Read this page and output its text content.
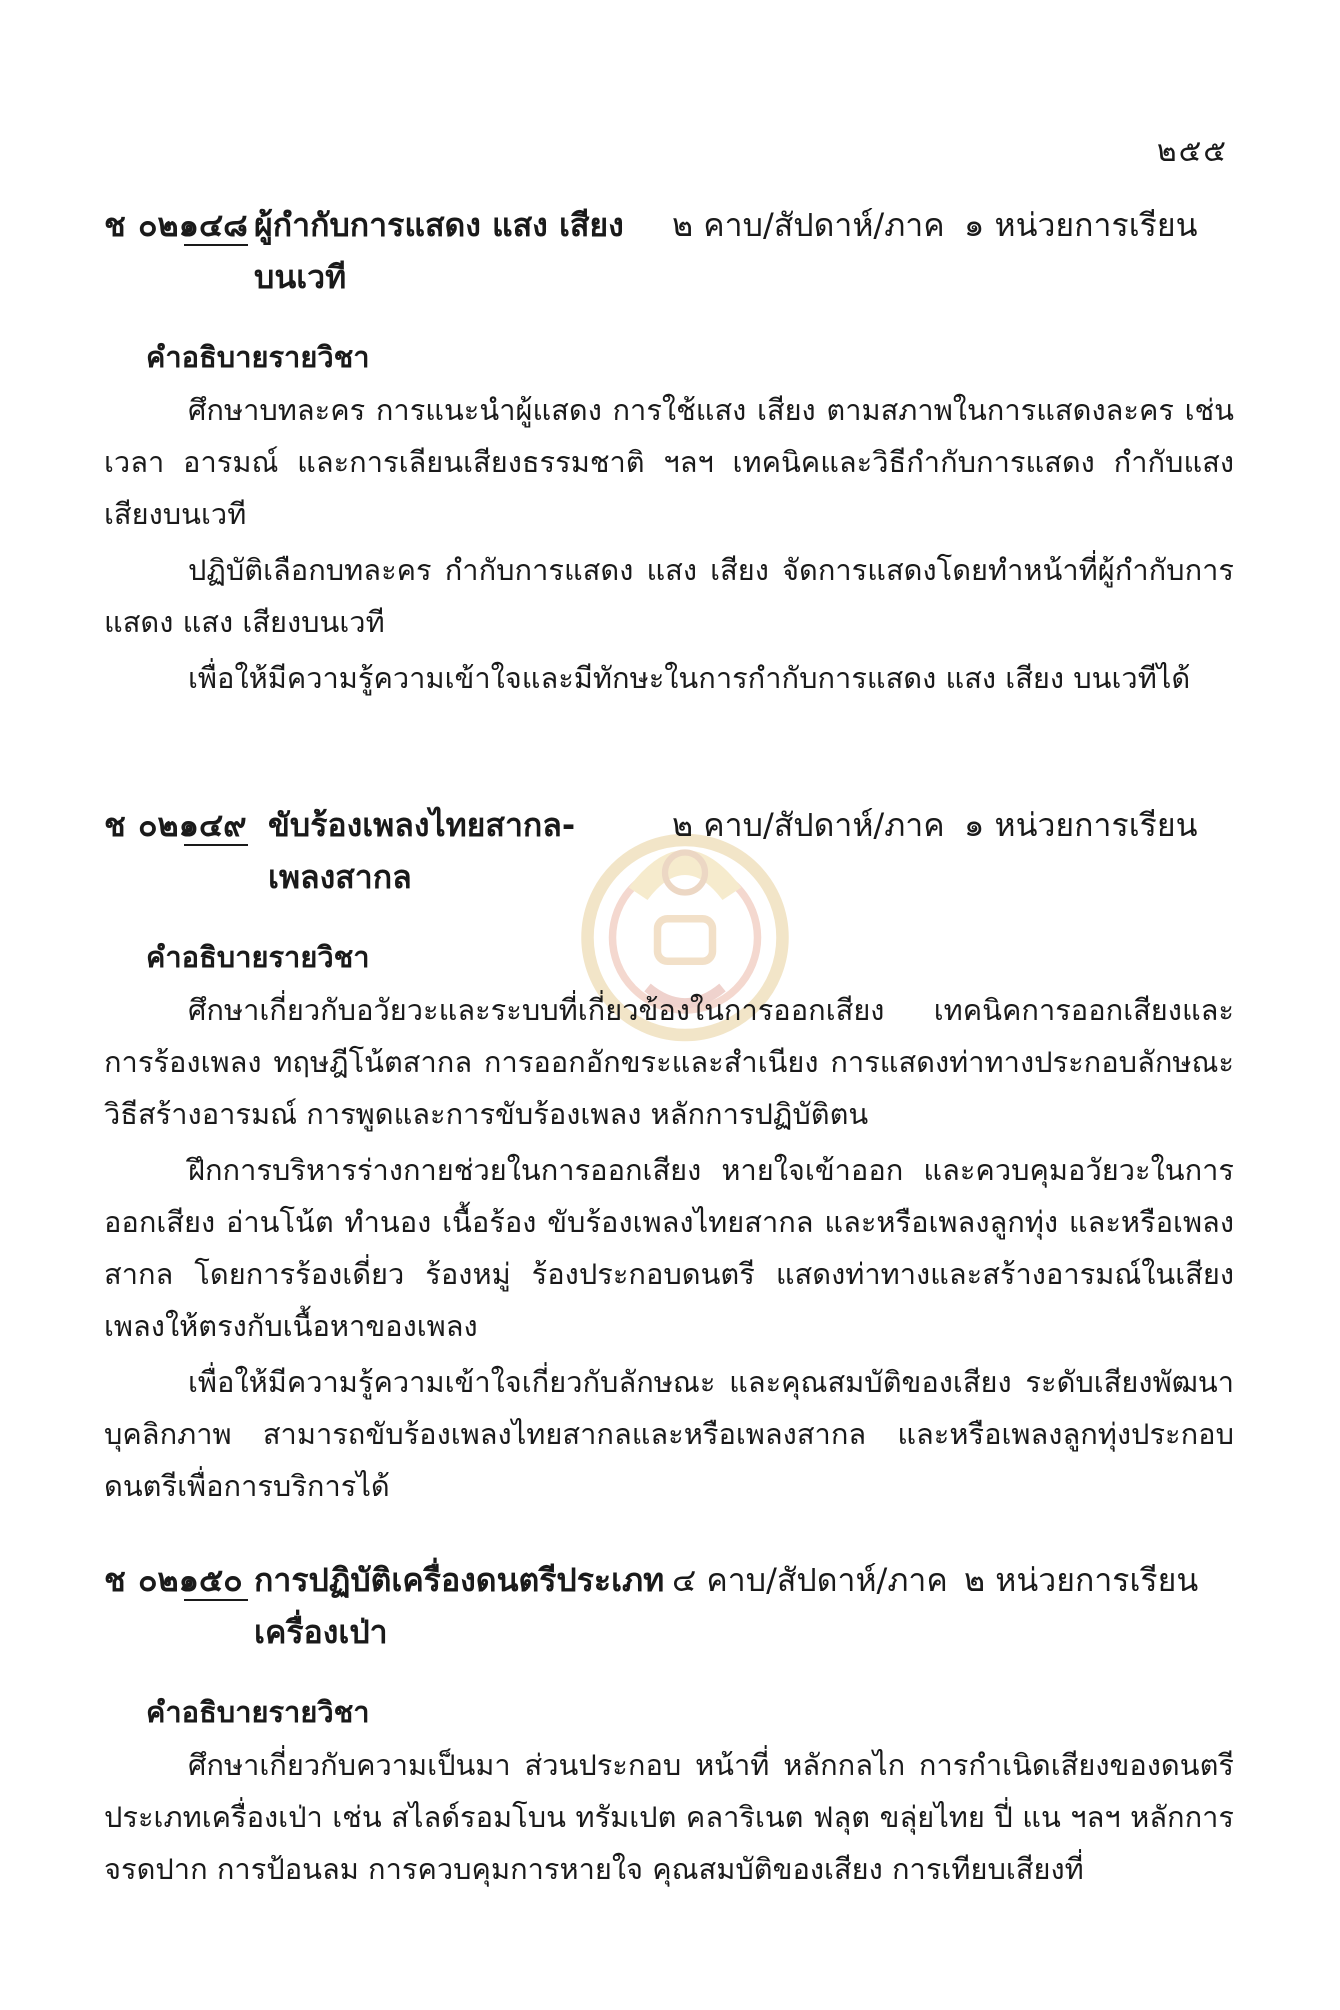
๒๕๕
ช ๐๒๑๔๘ ผู้กำกับการแสดง แสง เสียง
บนเวที
๒ คาบ/สัปดาห์/ภาค ๑ หน่วยการเรียน
คำอธิบายรายวิชา

ศึกษาบทละคร การแนะนำผู้แสดง การใช้แสง เสียง ตามสภาพในการแสดงละคร เช่น เวลา อารมณ์ และการเลียนเสียงธรรมชาติ ฯลฯ เทคนิคและวิธีกำกับการแสดง กำกับแสงเสียงบนเวที

ปฏิบัติเลือกบทละคร กำกับการแสดง แสง เสียง จัดการแสดงโดยทำหน้าที่ผู้กำกับการแสดง แสง เสียงบนเวที

เพื่อให้มีความรู้ความเข้าใจและมีทักษะในการกำกับการแสดง แสง เสียง บนเวทีได้

ช ๐๒๑๔๙ ขับร้องเพลงไทยสากล-
เพลงสากล
๒ คาบ/สัปดาห์/ภาค ๑ หน่วยการเรียน
คำอธิบายรายวิชา

ศึกษาเกี่ยวกับอวัยวะและระบบที่เกี่ยวข้องในการออกเสียง เทคนิคการออกเสียงและการร้องเพลง ทฤษฎีโน้ตสากล การออกอักขระและสำเนียง การแสดงท่าทางประกอบลักษณะวิธีสร้างอารมณ์ การพูดและการขับร้องเพลง หลักการปฏิบัติตน

ฝึกการบริหารร่างกายช่วยในการออกเสียง หายใจเข้าออก และควบคุมอวัยวะในการออกเสียง อ่านโน้ต ทำนอง เนื้อร้อง ขับร้องเพลงไทยสากล และหรือเพลงลูกทุ่ง และหรือเพลงสากล โดยการร้องเดี่ยว ร้องหมู่ ร้องประกอบดนตรี แสดงท่าทางและสร้างอารมณ์ในเสียงเพลงให้ตรงกับเนื้อหาของเพลง

เพื่อให้มีความรู้ความเข้าใจเกี่ยวกับลักษณะ และคุณสมบัติของเสียง ระดับเสียงพัฒนาบุคลิกภาพ สามารถขับร้องเพลงไทยสากลและหรือเพลงสากล และหรือเพลงลูกทุ่งประกอบดนตรีเพื่อการบริการได้

ช ๐๒๑๕๐ การปฏิบัติเครื่องดนตรีประเภท
เครื่องเป่า
๔ คาบ/สัปดาห์/ภาค ๒ หน่วยการเรียน
คำอธิบายรายวิชา

ศึกษาเกี่ยวกับความเป็นมา ส่วนประกอบ หน้าที่ หลักกลไก การกำเนิดเสียงของดนตรีประเภทเครื่องเป่า เช่น สไลด์รอมโบน ทรัมเปต คลาริเนต ฟลุต ขลุ่ยไทย ปี่ แน ฯลฯ หลักการจรดปาก การป้อนลม การควบคุมการหายใจ คุณสมบัติของเสียง การเทียบเสียงที่
